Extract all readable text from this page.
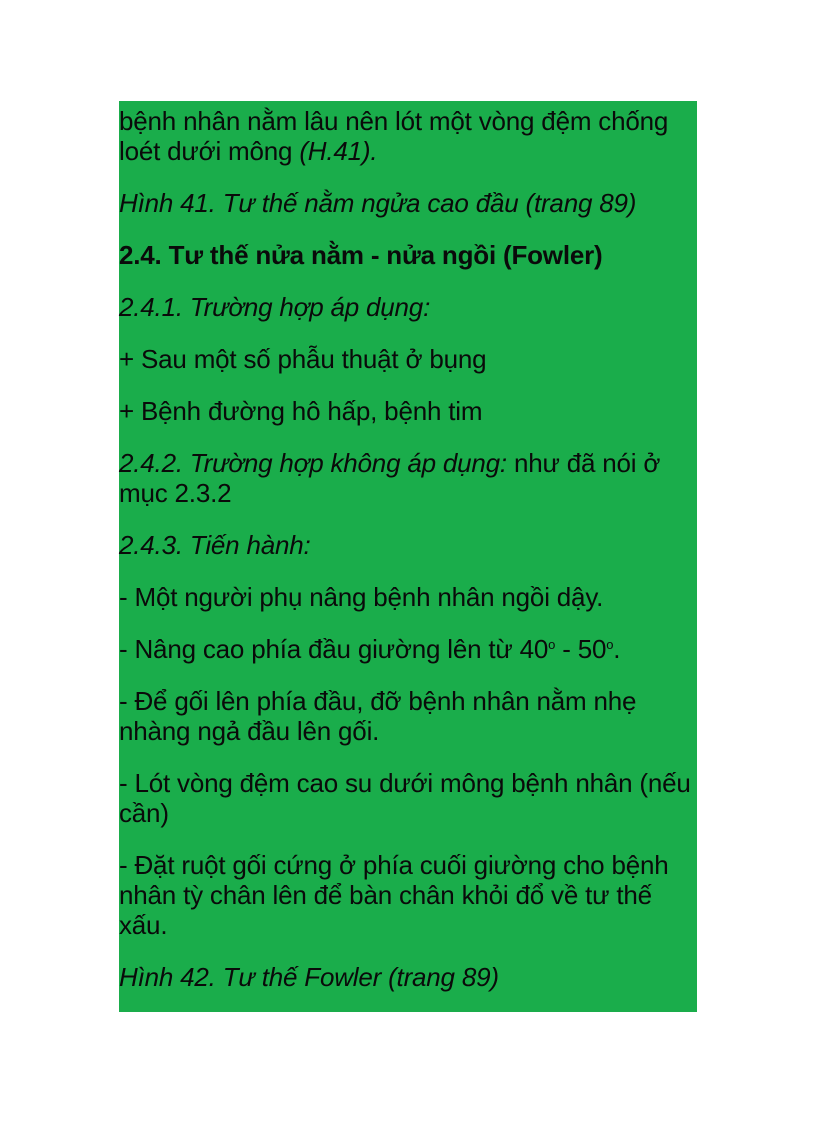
bệnh nhân nằm lâu nên lót một vòng đệm chống loét dưới mông (H.41).

Hình 41. Tư thế nằm ngửa cao đầu (trang 89)

2.4. Tư thế nửa nằm - nửa ngồi (Fowler)

2.4.1. Trường hợp áp dụng:

+ Sau một số phẫu thuật ở bụng

+ Bệnh đường hô hấp, bệnh tim

2.4.2. Trường hợp không áp dụng: như đã nói ở mục 2.3.2

2.4.3. Tiến hành:

- Một người phụ nâng bệnh nhân ngồi dậy.

- Nâng cao phía đầu giường lên từ 40$^o$ - 50$^o$.

- Để gối lên phía đầu, đỡ bệnh nhân nằm nhẹ nhàng ngả đầu lên gối.

- Lót vòng đệm cao su dưới mông bệnh nhân (nếu cần)

- Đặt ruột gối cứng ở phía cuối giường cho bệnh nhân tỳ chân lên để bàn chân khỏi đổ về tư thế xấu.

Hình 42. Tư thế Fowler (trang 89)
